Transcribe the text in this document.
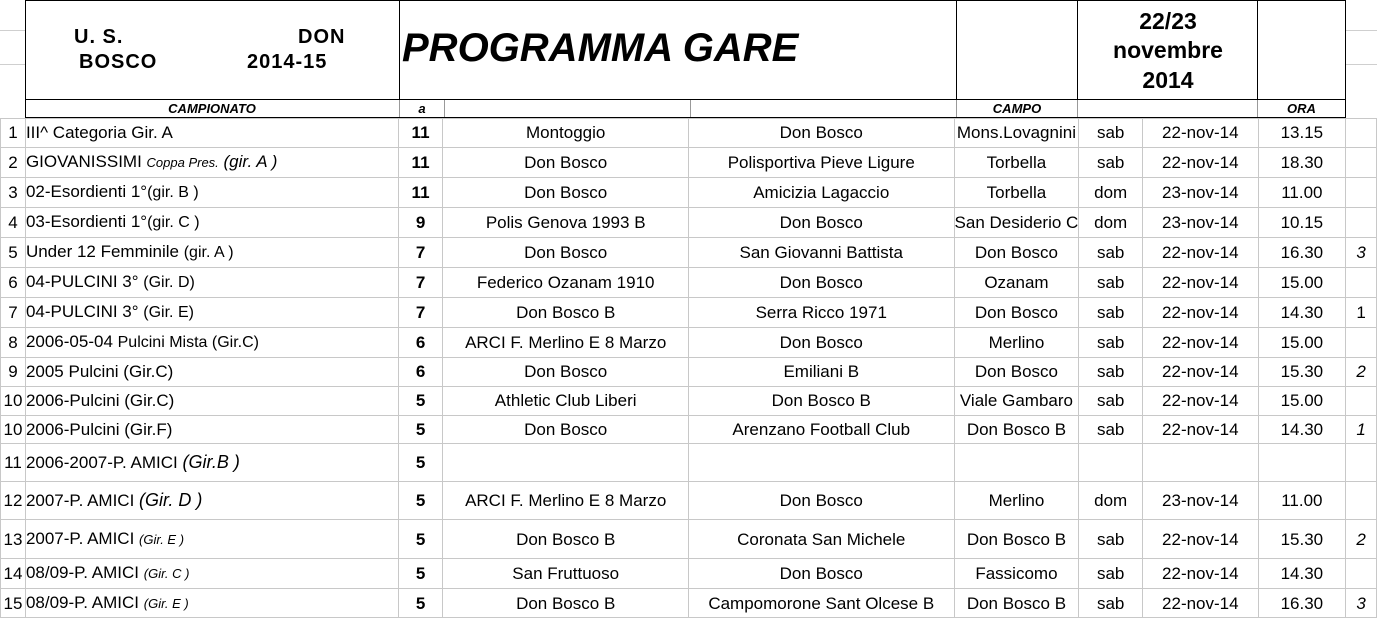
U. S.	DON
BOSCO	2014-15 PROGRAMMA GARE
22/23
novembre
2014
CAMPIONATO	a	CAMPO	ORA
1	III^ Categoria Gir. A	11	Montoggio	Don Bosco	Mons.Lovagnini	sab	22-nov-14	13.15	
2	GIOVANISSIMI Coppa Pres. (gir. A )	11	Don Bosco	Polisportiva Pieve Ligure	Torbella	sab	22-nov-14	18.30	
3	02-Esordienti 1°(gir. B )	11	Don Bosco	Amicizia Lagaccio	Torbella	dom	23-nov-14	11.00	
4	03-Esordienti 1°(gir. C )	9	Polis Genova 1993 B	Don Bosco	San Desiderio C	dom	23-nov-14	10.15	
5	Under 12 Femminile (gir. A )	7	Don Bosco	San Giovanni Battista	Don Bosco	sab	22-nov-14	16.30	3
6	04-PULCINI 3° (Gir. D)	7	Federico Ozanam 1910	Don Bosco	Ozanam	sab	22-nov-14	15.00	
7	04-PULCINI 3° (Gir. E)	7	Don Bosco B	Serra Ricco 1971	Don Bosco	sab	22-nov-14	14.30	1
8	2006-05-04 Pulcini Mista (Gir.C)	6	ARCI F. Merlino E 8 Marzo	Don Bosco	Merlino	sab	22-nov-14	15.00	
9	2005 Pulcini (Gir.C)	6	Don Bosco	Emiliani B	Don Bosco	sab	22-nov-14	15.30	2
10	2006-Pulcini (Gir.C)	5	Athletic Club Liberi	Don Bosco B	Viale Gambaro	sab	22-nov-14	15.00	
10	2006-Pulcini (Gir.F)	5	Don Bosco	Arenzano Football Club	Don Bosco B	sab	22-nov-14	14.30	1
11	2006-2007-P. AMICI (Gir.B )	5							
12	2007-P. AMICI (Gir. D )	5	ARCI F. Merlino E 8 Marzo	Don Bosco	Merlino	dom	23-nov-14	11.00	
13	2007-P. AMICI (Gir. E )	5	Don Bosco B	Coronata San Michele	Don Bosco B	sab	22-nov-14	15.30	2
14	08/09-P. AMICI (Gir. C )	5	San Fruttuoso	Don Bosco	Fassicomo	sab	22-nov-14	14.30	
15	08/09-P. AMICI (Gir. E )	5	Don Bosco B	Campomorone Sant Olcese B	Don Bosco B	sab	22-nov-14	16.30	3
